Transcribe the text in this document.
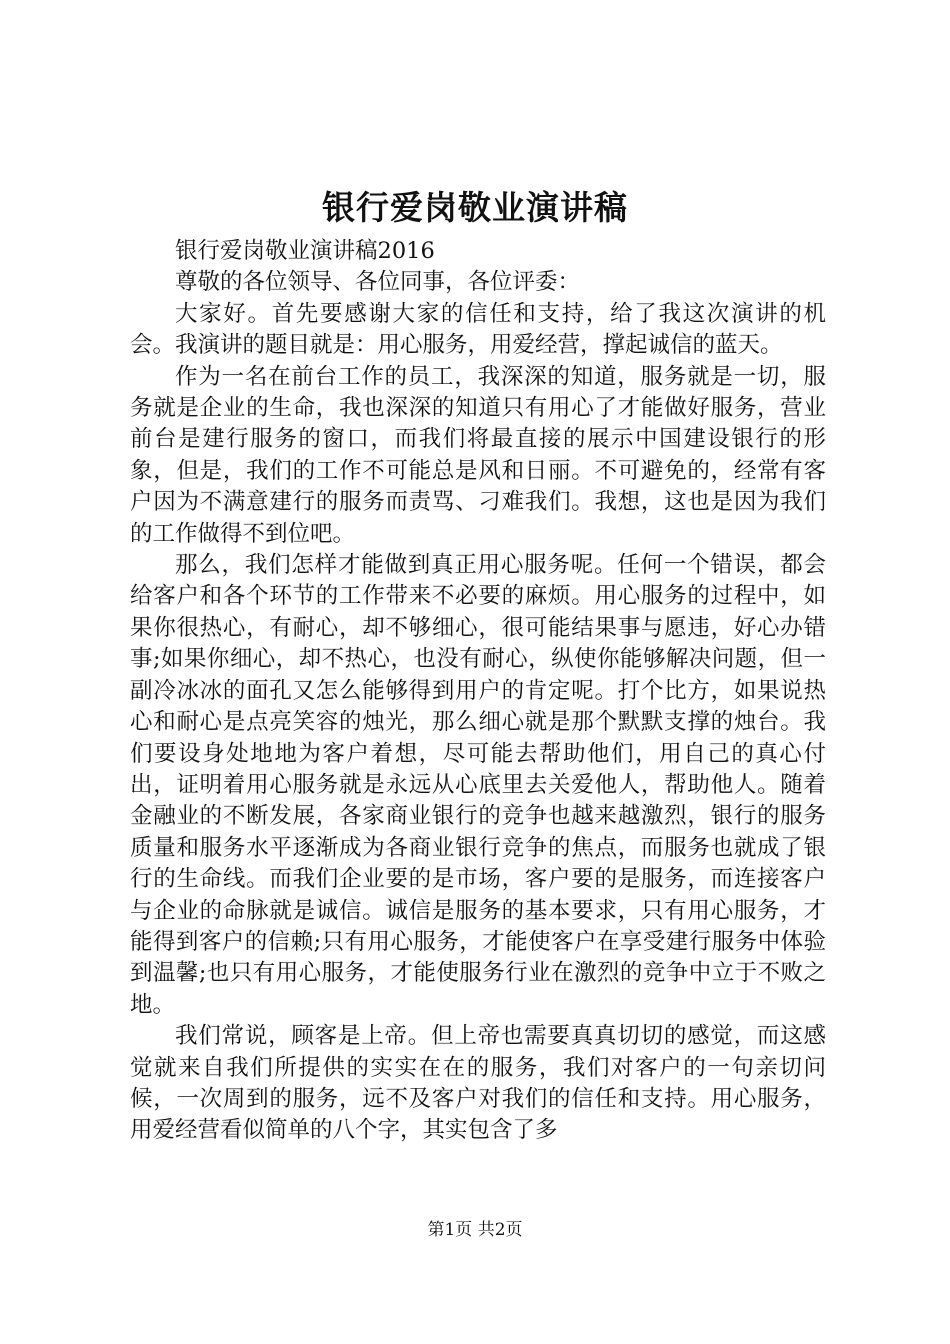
银行爱岗敬业演讲稿

银行爱岗敬业演讲稿2016

尊敬的各位领导、各位同事，各位评委：

大家好。首先要感谢大家的信任和支持，给了我这次演讲的机会。我演讲的题目就是：用心服务，用爱经营，撑起诚信的蓝天。

作为一名在前台工作的员工，我深深的知道，服务就是一切，服务就是企业的生命，我也深深的知道只有用心了才能做好服务，营业前台是建行服务的窗口，而我们将最直接的展示中国建设银行的形象，但是，我们的工作不可能总是风和日丽。不可避免的，经常有客户因为不满意建行的服务而责骂、刁难我们。我想，这也是因为我们的工作做得不到位吧。

那么，我们怎样才能做到真正用心服务呢。任何一个错误，都会给客户和各个环节的工作带来不必要的麻烦。用心服务的过程中，如果你很热心，有耐心，却不够细心，很可能结果事与愿违，好心办错事;如果你细心，却不热心，也没有耐心，纵使你能够解决问题，但一副冷冰冰的面孔又怎么能够得到用户的肯定呢。打个比方，如果说热心和耐心是点亮笑容的烛光，那么细心就是那个默默支撑的烛台。我们要设身处地地为客户着想，尽可能去帮助他们，用自己的真心付出，证明着用心服务就是永远从心底里去关爱他人，帮助他人。随着金融业的不断发展，各家商业银行的竞争也越来越激烈，银行的服务质量和服务水平逐渐成为各商业银行竞争的焦点，而服务也就成了银行的生命线。而我们企业要的是市场，客户要的是服务，而连接客户与企业的命脉就是诚信。诚信是服务的基本要求，只有用心服务，才能得到客户的信赖;只有用心服务，才能使客户在享受建行服务中体验到温馨;也只有用心服务，才能使服务行业在激烈的竞争中立于不败之地。

我们常说，顾客是上帝。但上帝也需要真真切切的感觉，而这感觉就来自我们所提供的实实在在的服务，我们对客户的一句亲切问候，一次周到的服务，远不及客户对我们的信任和支持。用心服务，用爱经营看似简单的八个字，其实包含了多

第1页 共2页
